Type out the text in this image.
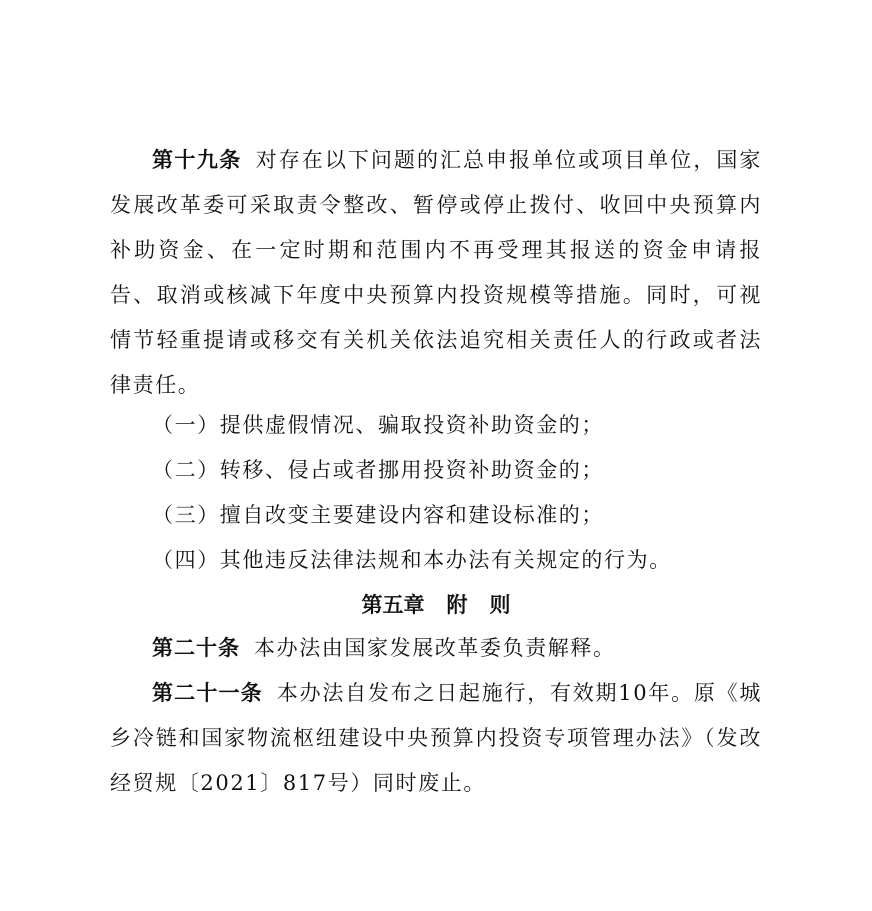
第十九条 对存在以下问题的汇总申报单位或项目单位，国家发展改革委可采取责令整改、暂停或停止拨付、收回中央预算内补助资金、在一定时期和范围内不再受理其报送的资金申请报告、取消或核减下年度中央预算内投资规模等措施。同时，可视情节轻重提请或移交有关机关依法追究相关责任人的行政或者法律责任。

（一）提供虚假情况、骗取投资补助资金的；

（二）转移、侵占或者挪用投资补助资金的；

（三）擅自改变主要建设内容和建设标准的；

（四）其他违反法律法规和本办法有关规定的行为。

第五章 附 则

第二十条 本办法由国家发展改革委负责解释。

第二十一条 本办法自发布之日起施行，有效期10年。原《城乡冷链和国家物流枢纽建设中央预算内投资专项管理办法》（发改经贸规〔2021〕817号）同时废止。
